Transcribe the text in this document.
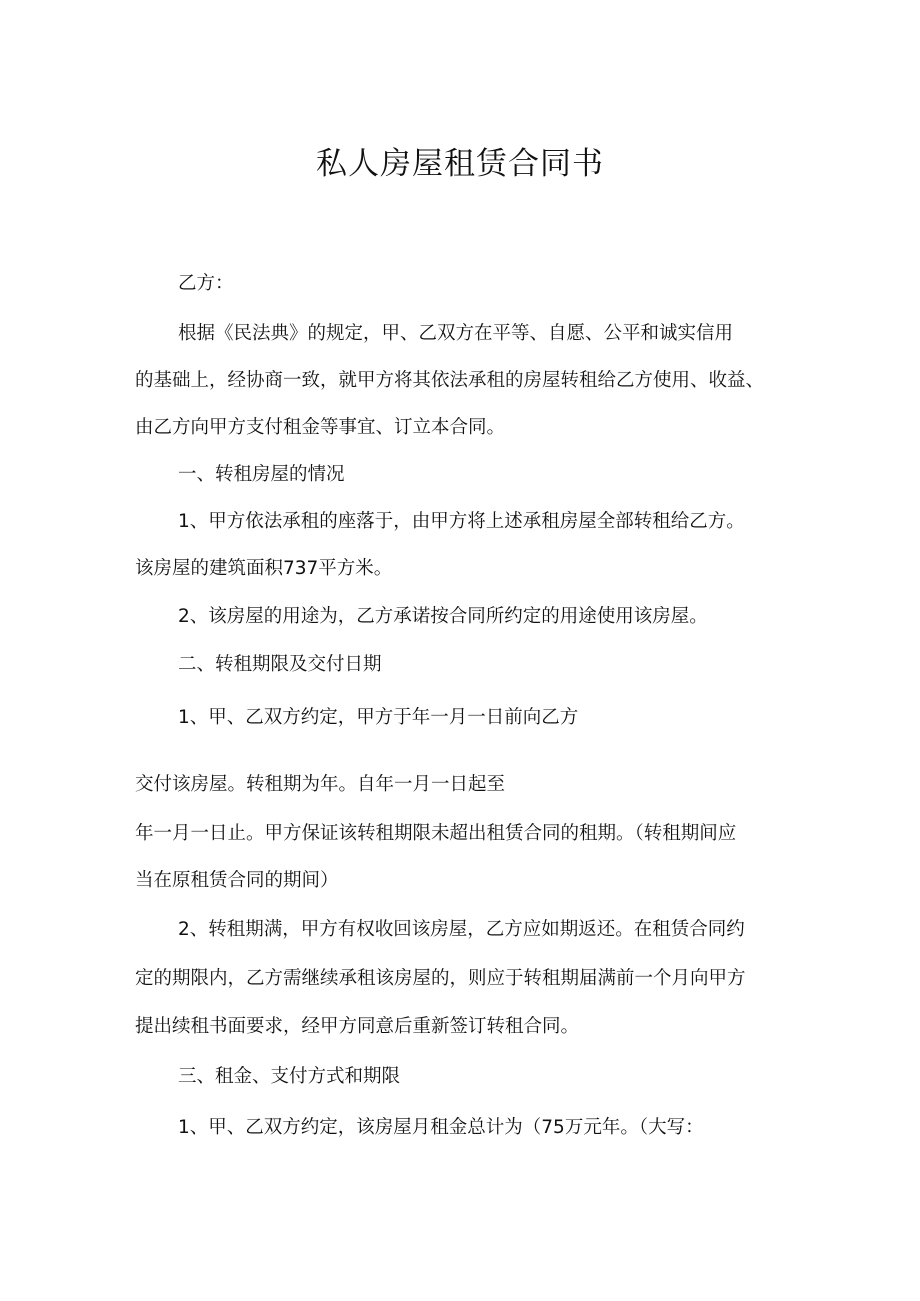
私人房屋租赁合同书
乙方：
根据《民法典》的规定，甲、乙双方在平等、自愿、公平和诚实信用
的基础上，经协商一致，就甲方将其依法承租的房屋转租给乙方使用、收益、
由乙方向甲方支付租金等事宜、订立本合同。
一、转租房屋的情况
1、甲方依法承租的座落于，由甲方将上述承租房屋全部转租给乙方。
该房屋的建筑面积737平方米。
2、该房屋的用途为，乙方承诺按合同所约定的用途使用该房屋。
二、转租期限及交付日期
1、甲、乙双方约定，甲方于年一月一日前向乙方
交付该房屋。转租期为年。自年一月一日起至
年一月一日止。甲方保证该转租期限未超出租赁合同的租期。（转租期间应
当在原租赁合同的期间）
2、转租期满，甲方有权收回该房屋，乙方应如期返还。在租赁合同约
定的期限内，乙方需继续承租该房屋的，则应于转租期届满前一个月向甲方
提出续租书面要求，经甲方同意后重新签订转租合同。
三、租金、支付方式和期限
1、甲、乙双方约定，该房屋月租金总计为（75万元年。（大写：
